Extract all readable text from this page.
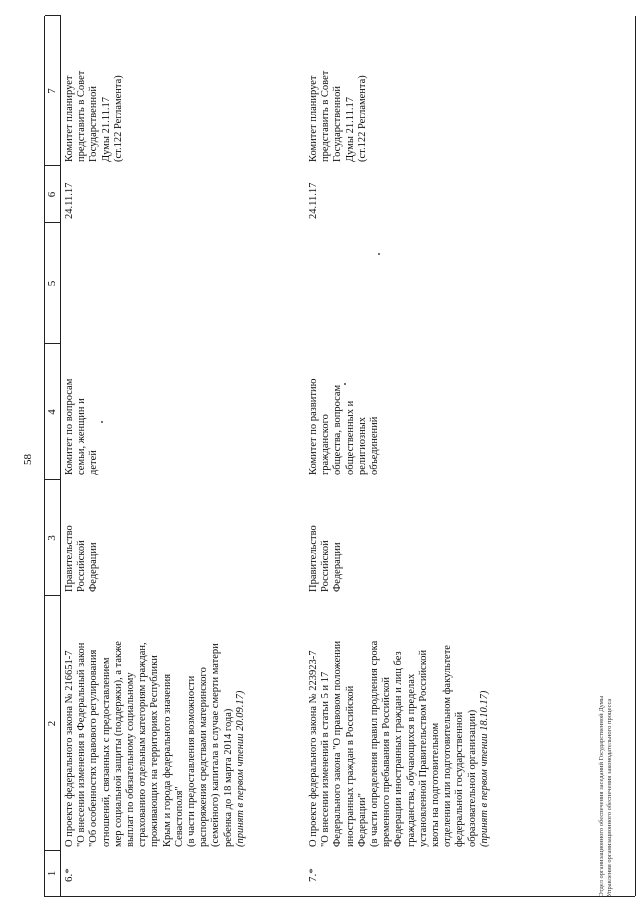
58
1
2
3
4
5
6
7
6.*
О проекте федерального закона № 216651-7 "О внесении изменения в Федеральный закон "Об особенностях правового регулирования отношений, связанных с предоставлением мер социальной защиты (поддержки), а также выплат по обязательному социальному страхованию отдельным категориям граждан, проживающих на территориях Республики Крым и города федерального значения Севастополя" (в части предоставления возможности распоряжения средствами материнского (семейного) капитала в случае смерти матери ребенка до 18 марта 2014 года) (принят в первом чтении 20.09.17)
Правительство Российской Федерации
Комитет по вопросам семьи, женщин и детей
24.11.17
Комитет планирует представить в Совет Государственной Думы 21.11.17 (ст.122 Регламента)
7.*
О проекте федерального закона № 223923-7 "О внесении изменений в статьи 5 и 17 Федерального закона "О правовом положении иностранных граждан в Российской Федерации" (в части определения правил продления срока временного пребывания в Российской Федерации иностранных граждан и лиц без гражданства, обучающихся в пределах установленной Правительством Российской квоты на подготовительном отделении или подготовительном факультете федеральной государственной образовательной организации) (принят в первом чтении 18.10.17)
Правительство Российской Федерации
Комитет по развитию гражданского общества, вопросам общественных и религиозных объединений
24.11.17
Комитет планирует представить в Совет Государственной Думы 21.11.17 (ст.122 Регламента)
Отдел организационного обеспечения заседаний Государственной Думы Управления организационного обеспечения законодательного процесса
